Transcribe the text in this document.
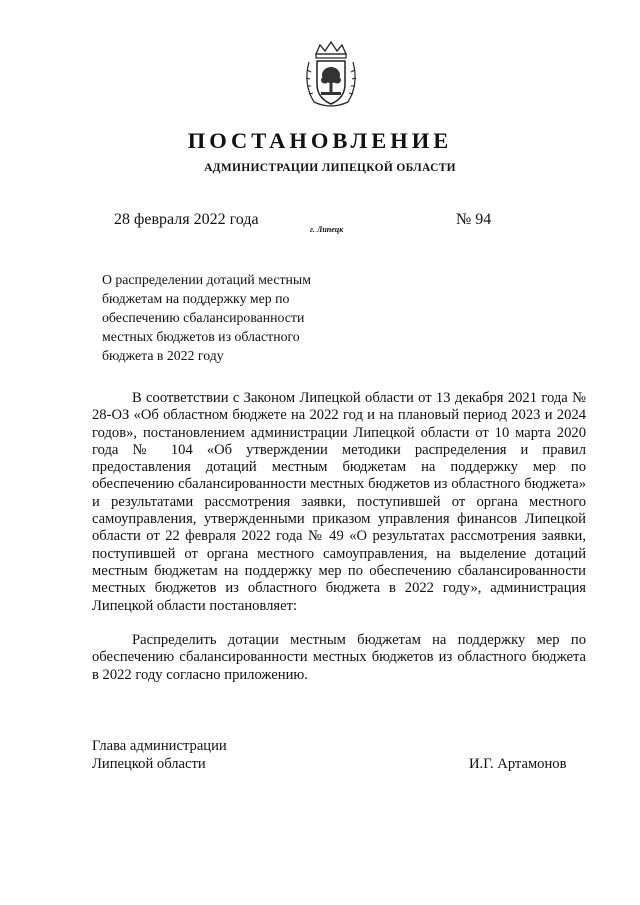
ПОСТАНОВЛЕНИЕ
АДМИНИСТРАЦИИ ЛИПЕЦКОЙ ОБЛАСТИ
28 февраля 2022 года
г. Липецк
№ 94

О распределении дотаций местным бюджетам на поддержку мер по обеспечению сбалансированности местных бюджетов из областного бюджета в 2022 году

В соответствии с Законом Липецкой области от 13 декабря 2021 года № 28-ОЗ «Об областном бюджете на 2022 год и на плановый период 2023 и 2024 годов», постановлением администрации Липецкой области от 10 марта 2020 года № 104 «Об утверждении методики распределения и правил предоставления дотаций местным бюджетам на поддержку мер по обеспечению сбалансированности местных бюджетов из областного бюджета» и результатами рассмотрения заявки, поступившей от органа местного самоуправления, утвержденными приказом управления финансов Липецкой области от 22 февраля 2022 года № 49 «О результатах рассмотрения заявки, поступившей от органа местного самоуправления, на выделение дотаций местным бюджетам на поддержку мер по обеспечению сбалансированности местных бюджетов из областного бюджета в 2022 году», администрация Липецкой области постановляет:

Распределить дотации местным бюджетам на поддержку мер по обеспечению сбалансированности местных бюджетов из областного бюджета в 2022 году согласно приложению.

Глава администрации
Липецкой области	И.Г. Артамонов
